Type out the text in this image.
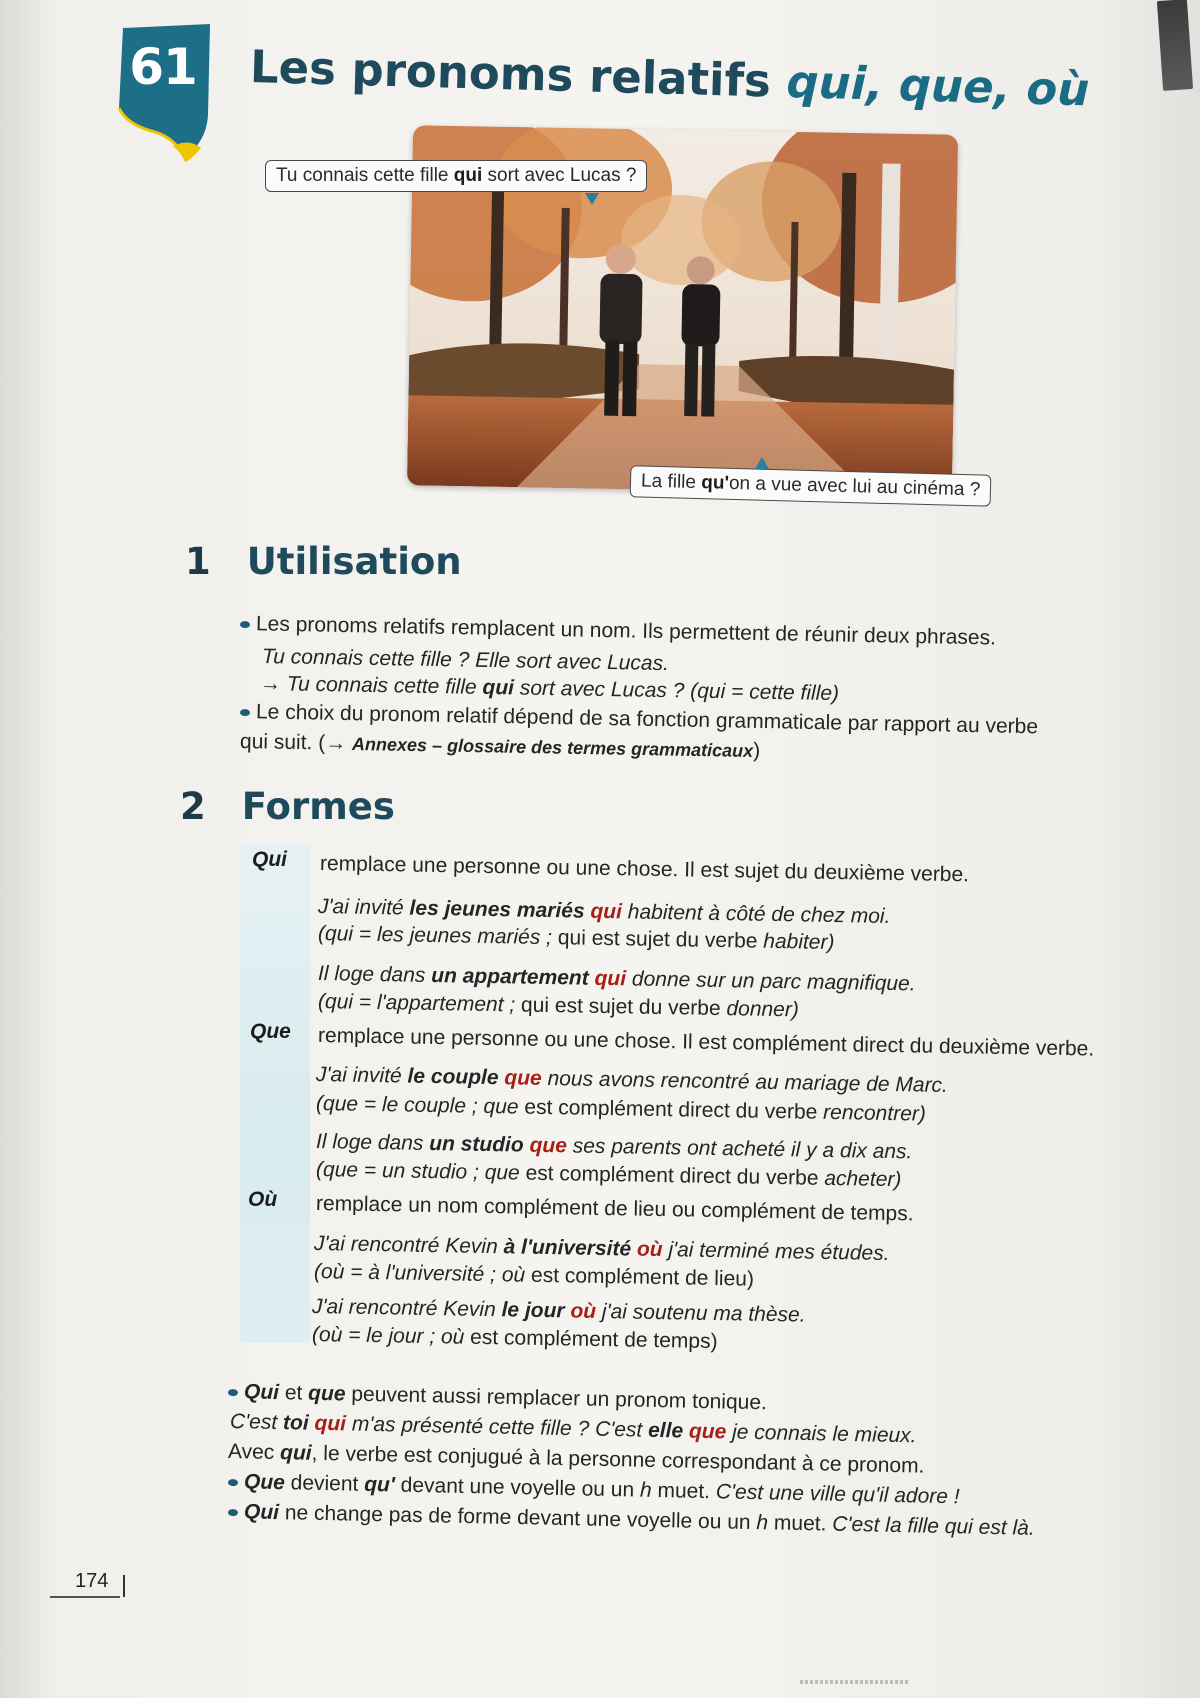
61 Les pronoms relatifs qui, que, où
Tu connais cette fille qui sort avec Lucas ?
La fille qu'on a vue avec lui au cinéma ?
1 Utilisation
Les pronoms relatifs remplacent un nom. Ils permettent de réunir deux phrases.
Tu connais cette fille ? Elle sort avec Lucas.
→ Tu connais cette fille qui sort avec Lucas ? (qui = cette fille)
Le choix du pronom relatif dépend de sa fonction grammaticale par rapport au verbe
qui suit. (→ Annexes – glossaire des termes grammaticaux)
2 Formes
Qui remplace une personne ou une chose. Il est sujet du deuxième verbe.
J'ai invité les jeunes mariés qui habitent à côté de chez moi.
(qui = les jeunes mariés ; qui est sujet du verbe habiter)
Il loge dans un appartement qui donne sur un parc magnifique.
(qui = l'appartement ; qui est sujet du verbe donner)
Que remplace une personne ou une chose. Il est complément direct du deuxième verbe.
J'ai invité le couple que nous avons rencontré au mariage de Marc.
(que = le couple ; que est complément direct du verbe rencontrer)
Il loge dans un studio que ses parents ont acheté il y a dix ans.
(que = un studio ; que est complément direct du verbe acheter)
Où remplace un nom complément de lieu ou complément de temps.
J'ai rencontré Kevin à l'université où j'ai terminé mes études.
(où = à l'université ; où est complément de lieu)
J'ai rencontré Kevin le jour où j'ai soutenu ma thèse.
(où = le jour ; où est complément de temps)
Qui et que peuvent aussi remplacer un pronom tonique.
C'est toi qui m'as présenté cette fille ? C'est elle que je connais le mieux.
Avec qui, le verbe est conjugué à la personne correspondant à ce pronom.
Que devient qu' devant une voyelle ou un h muet. C'est une ville qu'il adore !
Qui ne change pas de forme devant une voyelle ou un h muet. C'est la fille qui est là.
174
